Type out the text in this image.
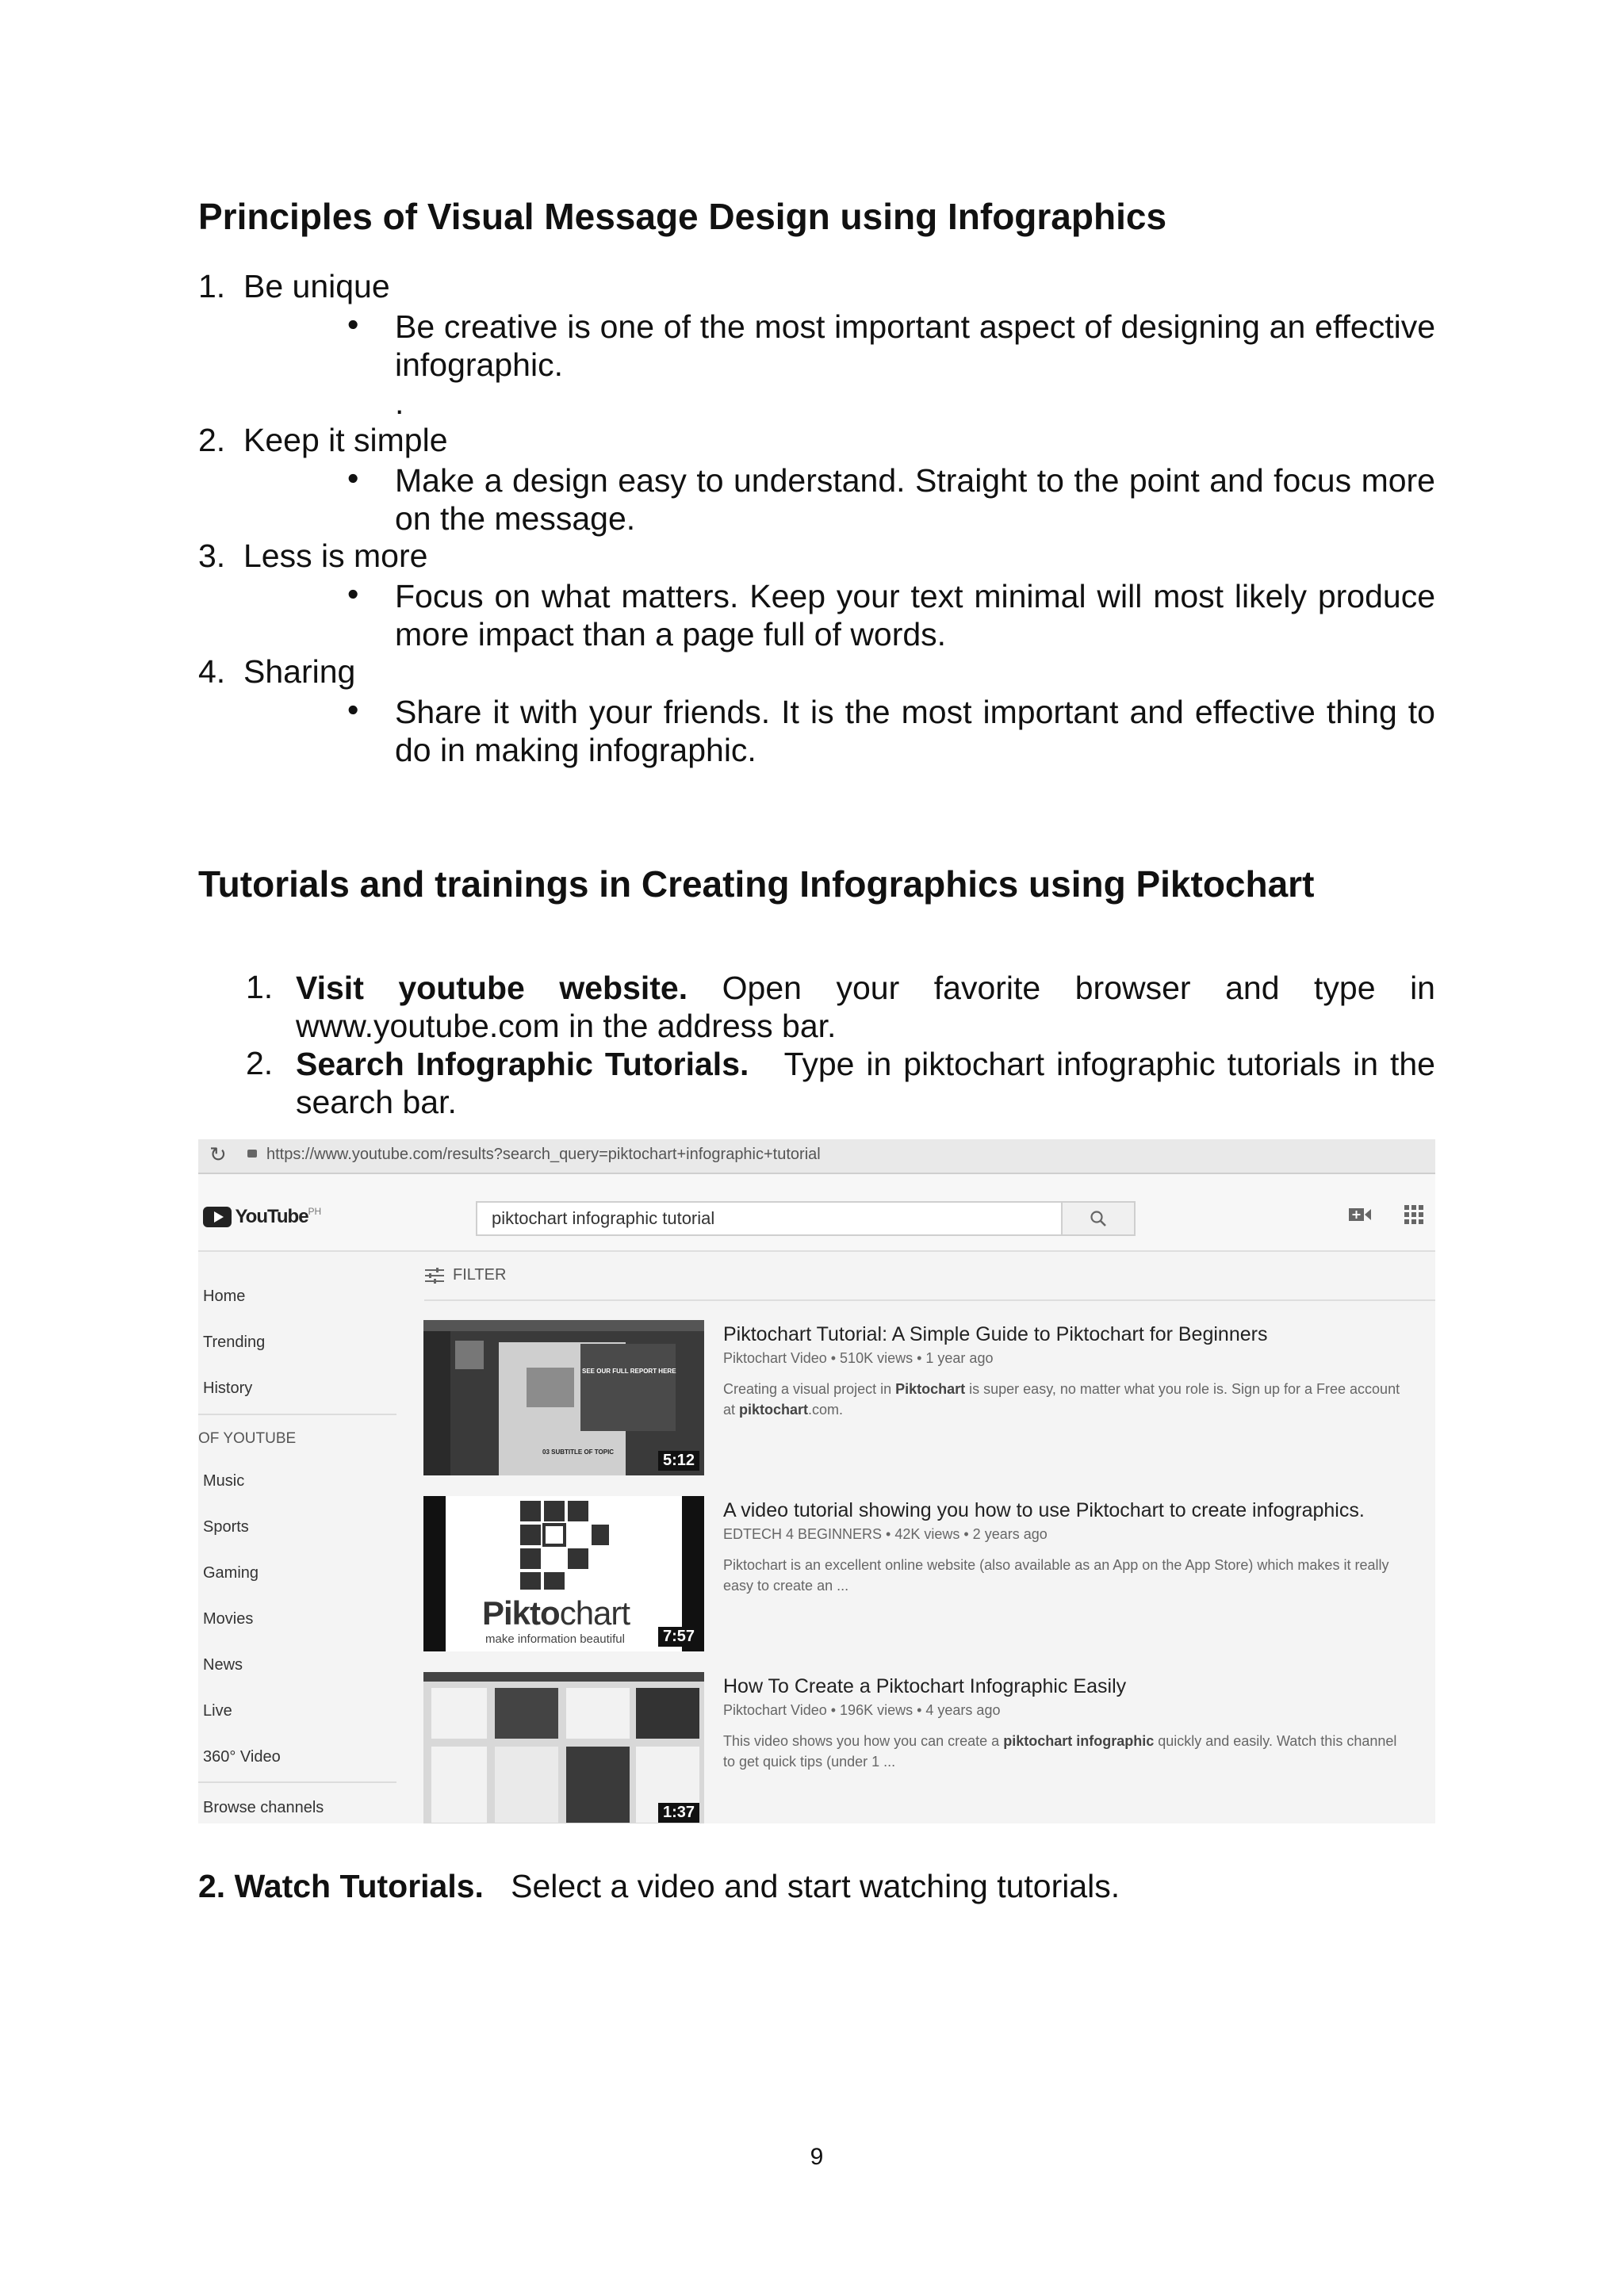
Principles of Visual Message Design using Infographics
1. Be unique
• Be creative is one of the most important aspect of designing an effective infographic.
.
2. Keep it simple
• Make a design easy to understand. Straight to the point and focus more on the message.
3. Less is more
• Focus on what matters. Keep your text minimal will most likely produce more impact than a page full of words.
4. Sharing
• Share it with your friends. It is the most important and effective thing to do in making infographic.
Tutorials and trainings in Creating Infographics using Piktochart
1. Visit youtube website. Open your favorite browser and type in
www.youtube.com in the address bar.
2. Search Infographic Tutorials. Type in piktochart infographic tutorials in the
search bar.
↻	https://www.youtube.com/results?search_query=piktochart+infographic+tutorial
YouTube$^{PH}$
piktochart infographic tutorial
Home
Trending
History
OF YOUTUBE
Music
Sports
Gaming
Movies
News
Live
360° Video
Browse channels
FILTER
SEE OUR FULL REPORT HERE
03 SUBTITLE OF TOPIC	5:12
Piktochart Tutorial: A Simple Guide to Piktochart for Beginners
Piktochart Video • 510K views • 1 year ago
Creating a visual project in Piktochart is super easy, no matter what you role is. Sign up for a Free account at piktochart.com.
Piktochart
make information beautiful	7:57
A video tutorial showing you how to use Piktochart to create infographics.
EDTECH 4 BEGINNERS • 42K views • 2 years ago
Piktochart is an excellent online website (also available as an App on the App Store) which makes it really easy to create an ...
1:37
How To Create a Piktochart Infographic Easily
Piktochart Video • 196K views • 4 years ago
This video shows you how you can create a piktochart infographic quickly and easily. Watch this channel to get quick tips (under 1 ...
2. Watch Tutorials. Select a video and start watching tutorials.
9
